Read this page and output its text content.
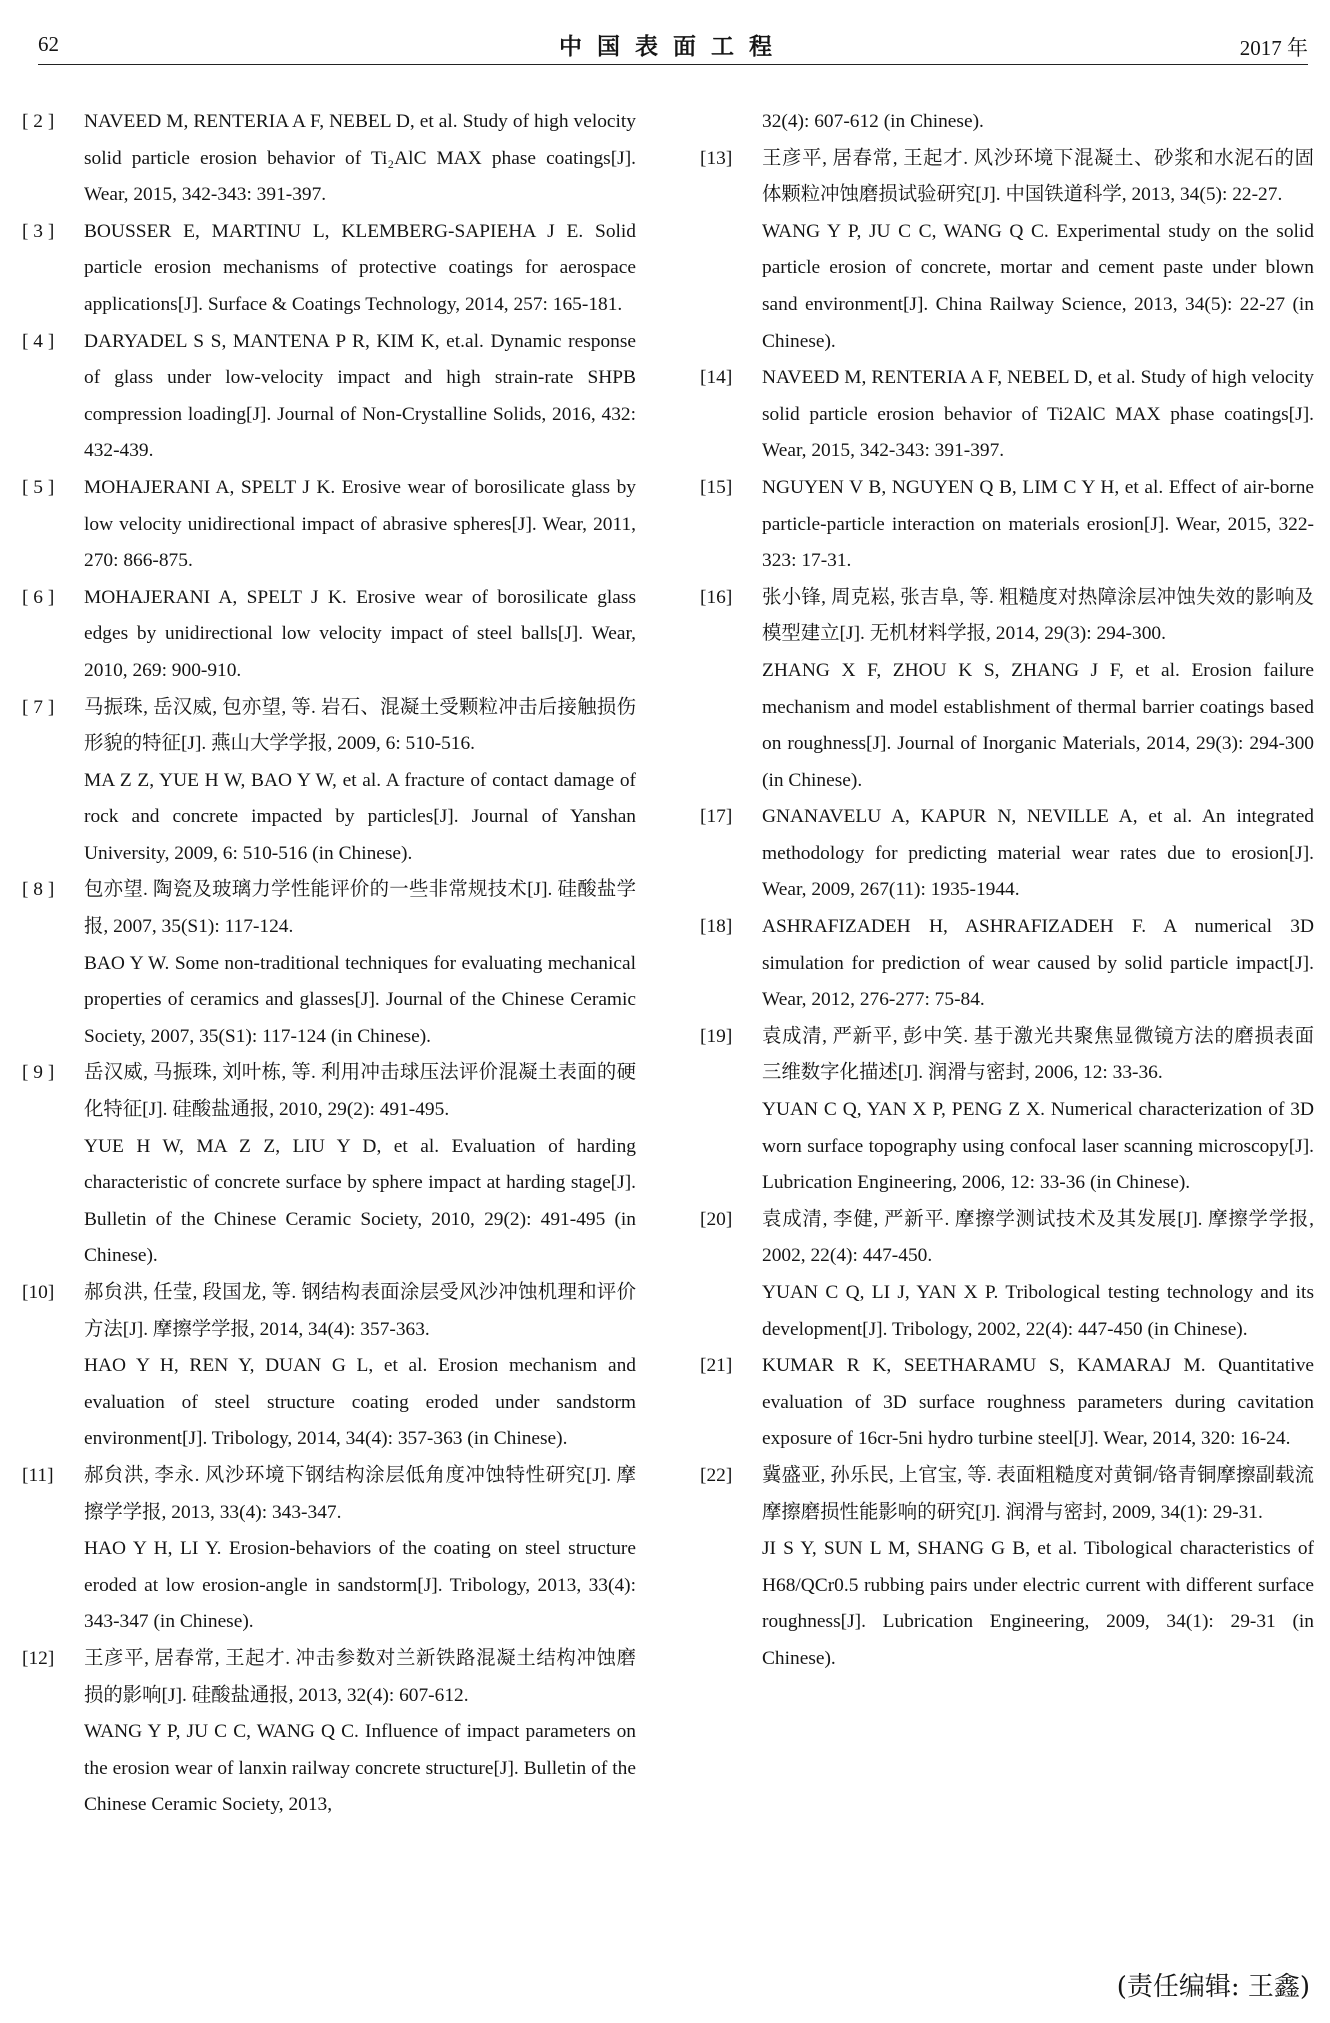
62	中国表面工程	2017 年
[ 2 ] NAVEED M, RENTERIA A F, NEBEL D, et al. Study of high velocity solid particle erosion behavior of Ti₂AlC MAX phase coatings[J]. Wear, 2015, 342-343: 391-397.

[ 3 ] BOUSSER E, MARTINU L, KLEMBERG-SAPIEHA J E. Solid particle erosion mechanisms of protective coatings for aerospace applications[J]. Surface & Coatings Technology, 2014, 257: 165-181.

[ 4 ] DARYADEL S S, MANTENA P R, KIM K, et.al. Dynamic response of glass under low-velocity impact and high strain-rate SHPB compression loading[J]. Journal of Non-Crystalline Solids, 2016, 432: 432-439.

[ 5 ] MOHAJERANI A, SPELT J K. Erosive wear of borosilicate glass by low velocity unidirectional impact of abrasive spheres[J]. Wear, 2011, 270: 866-875.

[ 6 ] MOHAJERANI A, SPELT J K. Erosive wear of borosilicate glass edges by unidirectional low velocity impact of steel balls[J]. Wear, 2010, 269: 900-910.

[ 7 ] 马振珠, 岳汉威, 包亦望, 等. 岩石、混凝土受颗粒冲击后接触损伤形貌的特征[J]. 燕山大学学报, 2009, 6: 510-516.

MA Z Z, YUE H W, BAO Y W, et al. A fracture of contact damage of rock and concrete impacted by particles[J]. Journal of Yanshan University, 2009, 6: 510-516 (in Chinese).

[ 8 ] 包亦望. 陶瓷及玻璃力学性能评价的一些非常规技术[J]. 硅酸盐学报, 2007, 35(S1): 117-124.

BAO Y W. Some non-traditional techniques for evaluating mechanical properties of ceramics and glasses[J]. Journal of the Chinese Ceramic Society, 2007, 35(S1): 117-124 (in Chinese).

[ 9 ] 岳汉威, 马振珠, 刘叶栋, 等. 利用冲击球压法评价混凝土表面的硬化特征[J]. 硅酸盐通报, 2010, 29(2): 491-495.

YUE H W, MA Z Z, LIU Y D, et al. Evaluation of harding characteristic of concrete surface by sphere impact at harding stage[J]. Bulletin of the Chinese Ceramic Society, 2010, 29(2): 491-495 (in Chinese).

[10] 郝贠洪, 任莹, 段国龙, 等. 钢结构表面涂层受风沙冲蚀机理和评价方法[J]. 摩擦学学报, 2014, 34(4): 357-363.

HAO Y H, REN Y, DUAN G L, et al. Erosion mechanism and evaluation of steel structure coating eroded under sandstorm environment[J]. Tribology, 2014, 34(4): 357-363 (in Chinese).

[11] 郝贠洪, 李永. 风沙环境下钢结构涂层低角度冲蚀特性研究[J]. 摩擦学学报, 2013, 33(4): 343-347.

HAO Y H, LI Y. Erosion-behaviors of the coating on steel structure eroded at low erosion-angle in sandstorm[J]. Tribology, 2013, 33(4): 343-347 (in Chinese).

[12] 王彦平, 居春常, 王起才. 冲击参数对兰新铁路混凝土结构冲蚀磨损的影响[J]. 硅酸盐通报, 2013, 32(4): 607-612.

WANG Y P, JU C C, WANG Q C. Influence of impact parameters on the erosion wear of lanxin railway concrete structure[J]. Bulletin of the Chinese Ceramic Society, 2013,

32(4): 607-612 (in Chinese).

[13] 王彦平, 居春常, 王起才. 风沙环境下混凝土、砂浆和水泥石的固体颗粒冲蚀磨损试验研究[J]. 中国铁道科学, 2013, 34(5): 22-27.

WANG Y P, JU C C, WANG Q C. Experimental study on the solid particle erosion of concrete, mortar and cement paste under blown sand environment[J]. China Railway Science, 2013, 34(5): 22-27 (in Chinese).

[14] NAVEED M, RENTERIA A F, NEBEL D, et al. Study of high velocity solid particle erosion behavior of Ti2AlC MAX phase coatings[J]. Wear, 2015, 342-343: 391-397.

[15] NGUYEN V B, NGUYEN Q B, LIM C Y H, et al. Effect of air-borne particle-particle interaction on materials erosion[J]. Wear, 2015, 322-323: 17-31.

[16] 张小锋, 周克崧, 张吉阜, 等. 粗糙度对热障涂层冲蚀失效的影响及模型建立[J]. 无机材料学报, 2014, 29(3): 294-300.

ZHANG X F, ZHOU K S, ZHANG J F, et al. Erosion failure mechanism and model establishment of thermal barrier coatings based on roughness[J]. Journal of Inorganic Materials, 2014, 29(3): 294-300 (in Chinese).

[17] GNANAVELU A, KAPUR N, NEVILLE A, et al. An integrated methodology for predicting material wear rates due to erosion[J]. Wear, 2009, 267(11): 1935-1944.

[18] ASHRAFIZADEH H, ASHRAFIZADEH F. A numerical 3D simulation for prediction of wear caused by solid particle impact[J]. Wear, 2012, 276-277: 75-84.

[19] 袁成清, 严新平, 彭中笑. 基于激光共聚焦显微镜方法的磨损表面三维数字化描述[J]. 润滑与密封, 2006, 12: 33-36.

YUAN C Q, YAN X P, PENG Z X. Numerical characterization of 3D worn surface topography using confocal laser scanning microscopy[J]. Lubrication Engineering, 2006, 12: 33-36 (in Chinese).

[20] 袁成清, 李健, 严新平. 摩擦学测试技术及其发展[J]. 摩擦学学报, 2002, 22(4): 447-450.

YUAN C Q, LI J, YAN X P. Tribological testing technology and its development[J]. Tribology, 2002, 22(4): 447-450 (in Chinese).

[21] KUMAR R K, SEETHARAMU S, KAMARAJ M. Quantitative evaluation of 3D surface roughness parameters during cavitation exposure of 16cr-5ni hydro turbine steel[J]. Wear, 2014, 320: 16-24.

[22] 冀盛亚, 孙乐民, 上官宝, 等. 表面粗糙度对黄铜/铬青铜摩擦副载流摩擦磨损性能影响的研究[J]. 润滑与密封, 2009, 34(1): 29-31.

JI S Y, SUN L M, SHANG G B, et al. Tibological characteristics of H68/QCr0.5 rubbing pairs under electric current with different surface roughness[J]. Lubrication Engineering, 2009, 34(1): 29-31 (in Chinese).

(责任编辑: 王鑫)
